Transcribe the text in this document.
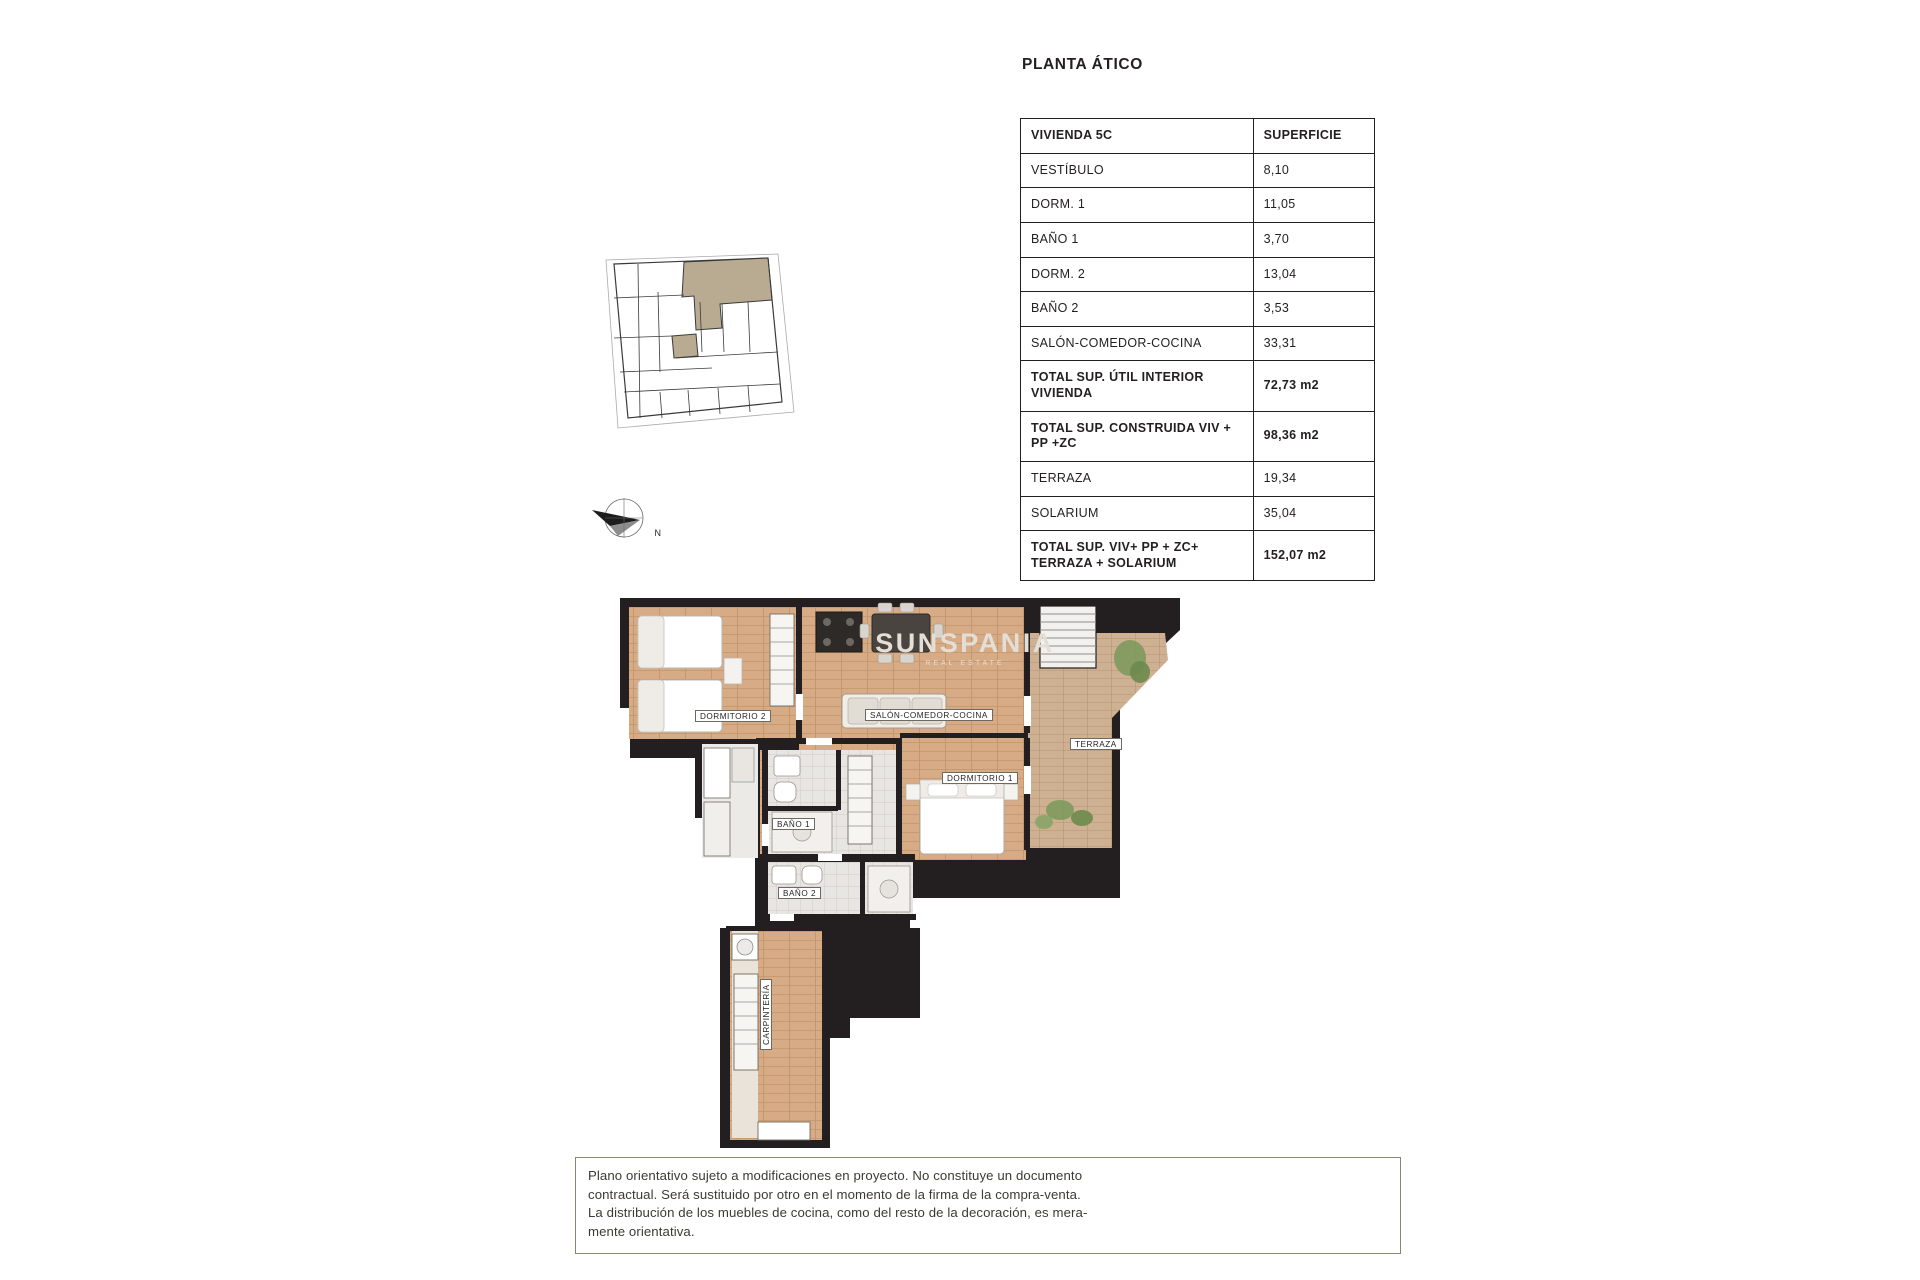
PLANTA ÁTICO
VIVIENDA 5C	SUPERFICIE
VESTÍBULO	8,10
DORM. 1	11,05
BAÑO 1	3,70
DORM. 2	13,04
BAÑO 2	3,53
SALÓN-COMEDOR-COCINA	33,31
TOTAL SUP. ÚTIL INTERIOR VIVIENDA	72,73 m2
TOTAL SUP. CONSTRUIDA VIV + PP +ZC	98,36 m2
TERRAZA	19,34
SOLARIUM	35,04
TOTAL SUP. VIV+ PP + ZC+ TERRAZA + SOLARIUM	152,07 m2
N
DORMITORIO 2	SALÓN-COMEDOR-COCINA
TERRAZA
DORMITORIO 1
BAÑO 1
BAÑO 2
CARPINTERÍA
SUNSPANIA
REAL ESTATE
Plano orientativo sujeto a modificaciones en proyecto. No constituye un documento
contractual. Será sustituido por otro en el momento de la firma de la compra-venta.
La distribución de los muebles de cocina, como del resto de la decoración, es mera-
mente orientativa.
